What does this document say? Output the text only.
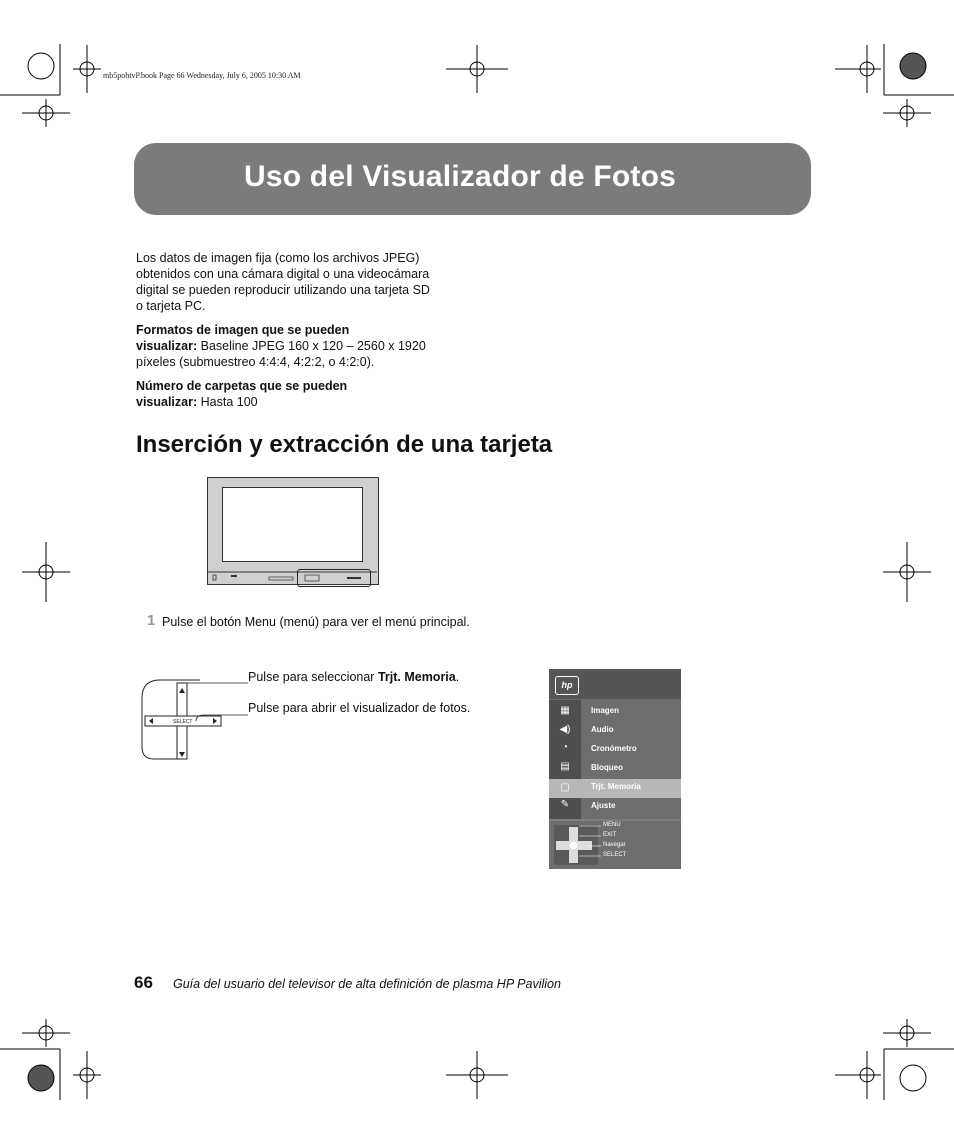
mb5pohtvP.book Page 66 Wednesday, July 6, 2005 10:30 AM
Uso del Visualizador de Fotos
Los datos de imagen fija (como los archivos JPEG)
obtenidos con una cámara digital o una videocámara
digital se pueden reproducir utilizando una tarjeta SD
o tarjeta PC.
Formatos de imagen que se pueden
visualizar: Baseline JPEG 160 x 120 – 2560 x 1920
píxeles (submuestreo 4:4:4, 4:2:2, o 4:2:0).
Número de carpetas que se pueden
visualizar: Hasta 100
Inserción y extracción de una tarjeta
1 Pulse el botón Menu (menú) para ver el menú principal.
SELECT
Pulse para seleccionar Trjt. Memoria.
Pulse para abrir el visualizador de fotos.
hp
▦
◀)
◔
▤
▢
✎
Imagen
Audio
Cronómetro
Bloqueo
Trjt. Memoria
Ajuste
MENU
EXIT
Navegar
SELECT
66 Guía del usuario del televisor de alta definición de plasma HP Pavilion
